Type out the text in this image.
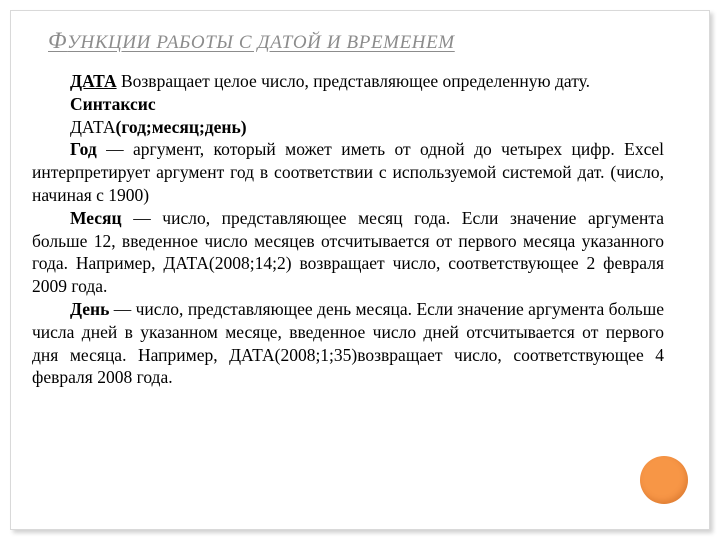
ФУНКЦИИ РАБОТЫ С ДАТОЙ И ВРЕМЕНЕМ

ДАТА Возвращает целое число, представляющее определенную дату.

Синтаксис

ДАТА(год;месяц;день)

Год — аргумент, который может иметь от одной до четырех цифр. Excel интерпретирует аргумент год в соответствии с используемой системой дат. (число, начиная с 1900)

Месяц — число, представляющее месяц года. Если значение аргумента больше 12, введенное число месяцев отсчитывается от первого месяца указанного года. Например, ДАТА(2008;14;2) возвращает число, соответствующее 2 февраля 2009 года.

День — число, представляющее день месяца. Если значение аргумента больше числа дней в указанном месяце, введенное число дней отсчитывается от первого дня месяца. Например, ДАТА(2008;1;35)возвращает число, соответствующее 4 февраля 2008 года.
